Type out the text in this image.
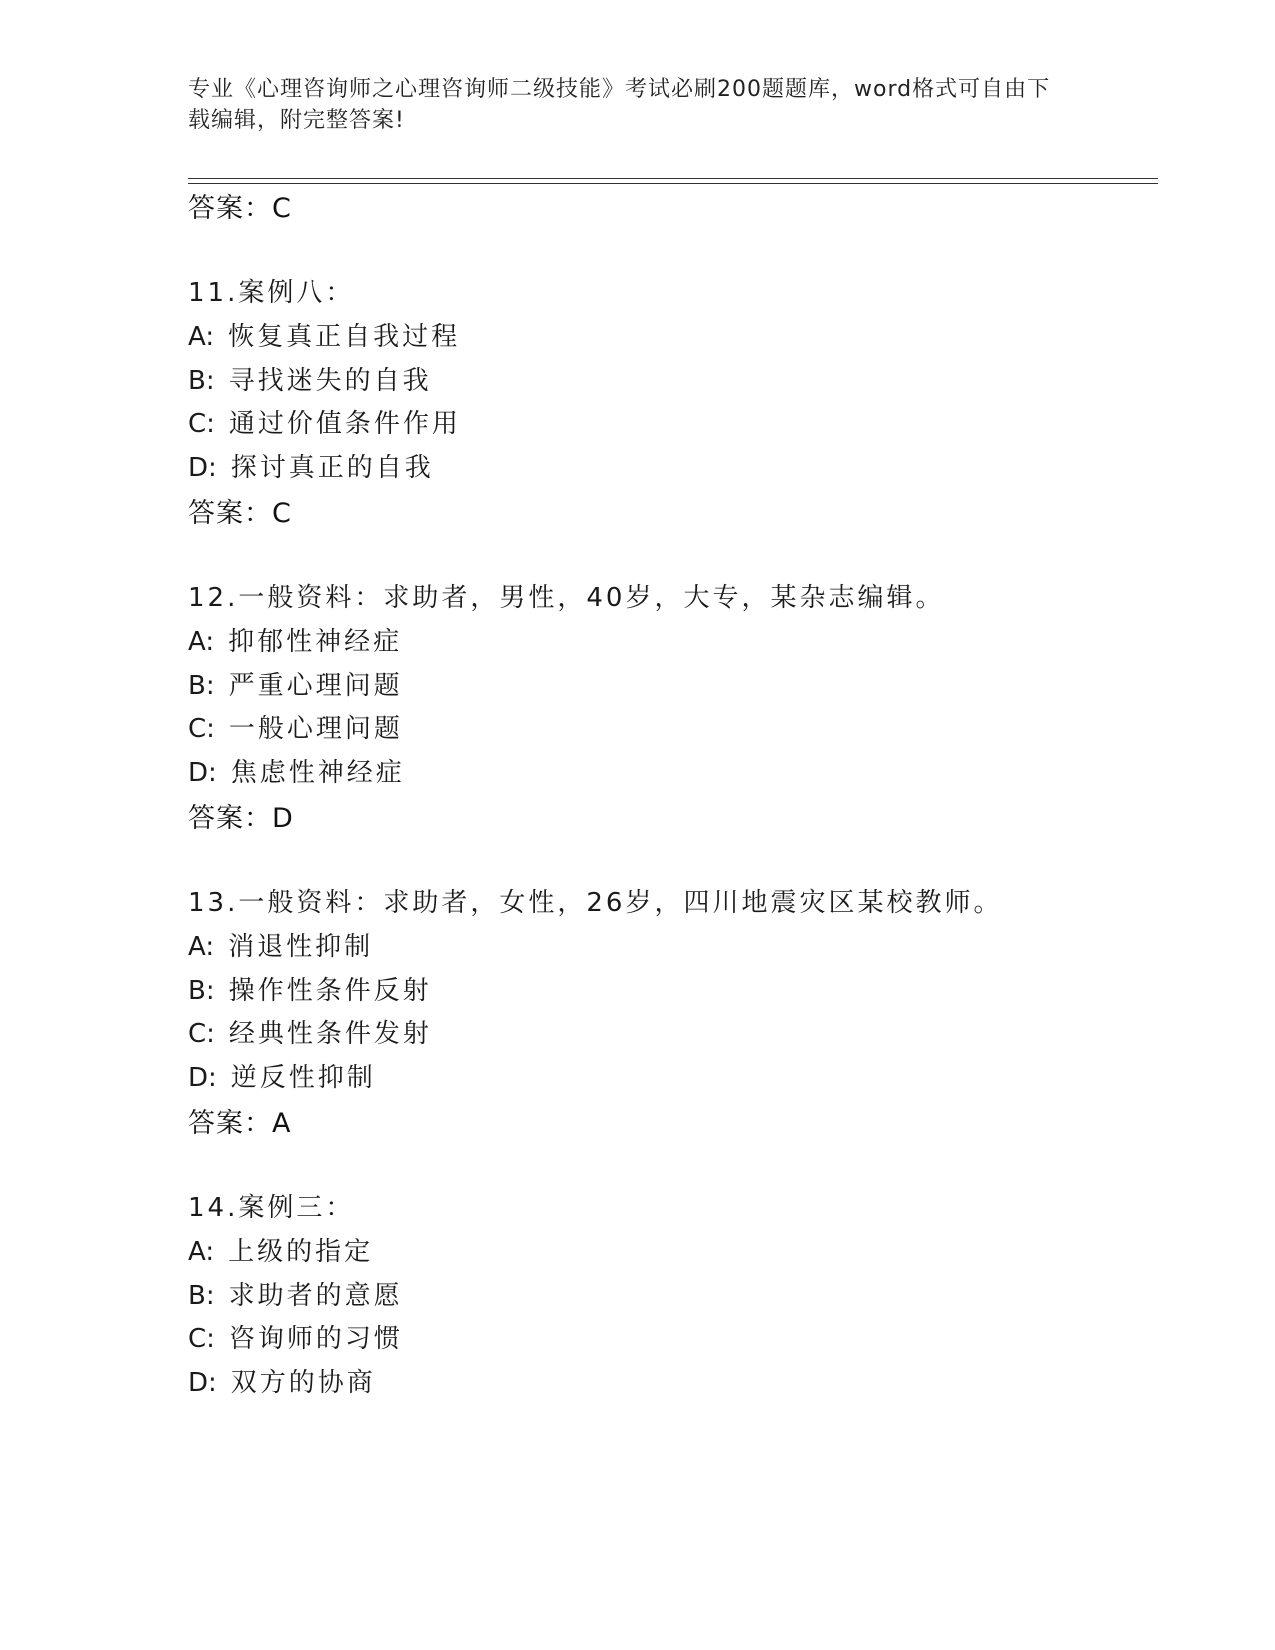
专业《心理咨询师之心理咨询师二级技能》考试必刷200题题库，word格式可自由下载编辑，附完整答案!
答案：C
11.案例八：
A: 恢复真正自我过程
B: 寻找迷失的自我
C: 通过价值条件作用
D: 探讨真正的自我
答案：C
12.一般资料：求助者，男性，40岁，大专，某杂志编辑。
A: 抑郁性神经症
B: 严重心理问题
C: 一般心理问题
D: 焦虑性神经症
答案：D
13.一般资料：求助者，女性，26岁，四川地震灾区某校教师。
A: 消退性抑制
B: 操作性条件反射
C: 经典性条件发射
D: 逆反性抑制
答案：A
14.案例三：
A: 上级的指定
B: 求助者的意愿
C: 咨询师的习惯
D: 双方的协商
